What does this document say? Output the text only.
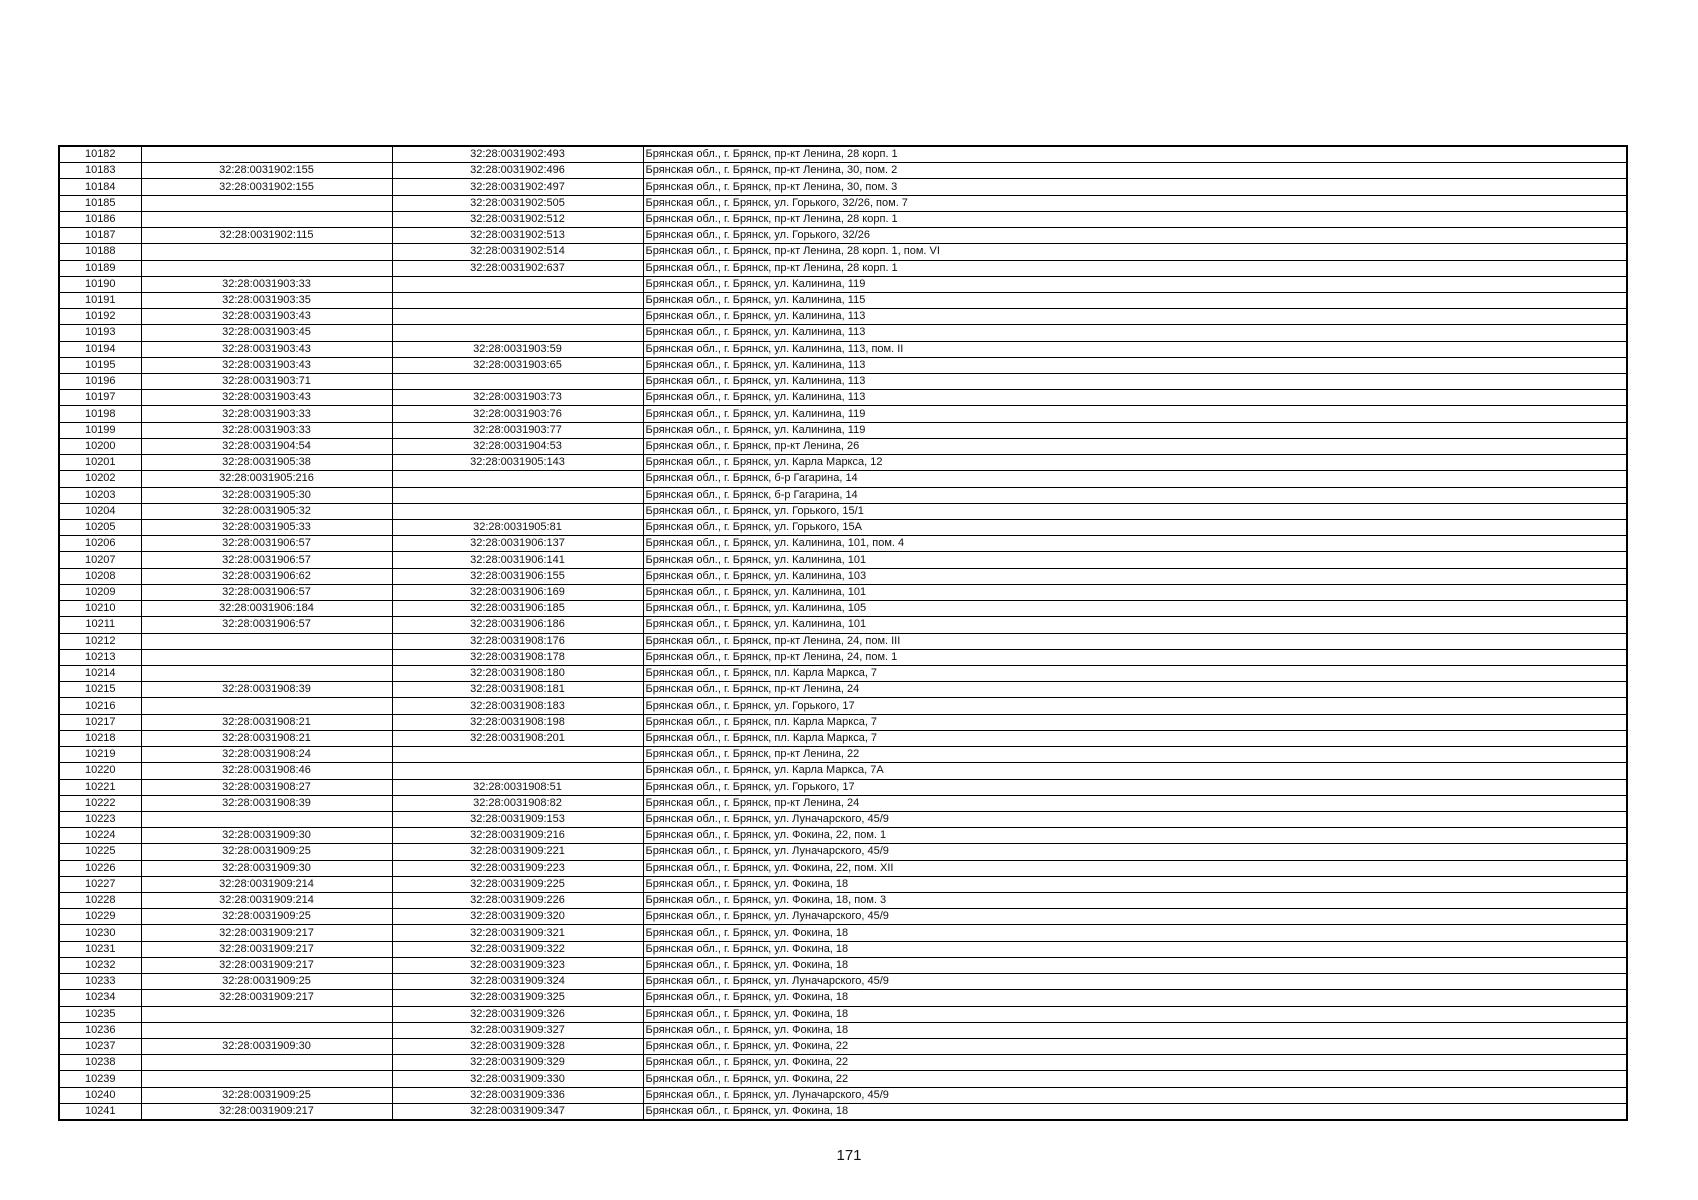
10182		32:28:0031902:493	Брянская обл., г. Брянск, пр-кт Ленина, 28 корп. 1
10183	32:28:0031902:155	32:28:0031902:496	Брянская обл., г. Брянск, пр-кт Ленина, 30, пом. 2
10184	32:28:0031902:155	32:28:0031902:497	Брянская обл., г. Брянск, пр-кт Ленина, 30, пом. 3
10185		32:28:0031902:505	Брянская обл., г. Брянск, ул. Горького, 32/26, пом. 7
10186		32:28:0031902:512	Брянская обл., г. Брянск, пр-кт Ленина, 28 корп. 1
10187	32:28:0031902:115	32:28:0031902:513	Брянская обл., г. Брянск, ул. Горького, 32/26
10188		32:28:0031902:514	Брянская обл., г. Брянск, пр-кт Ленина, 28 корп. 1, пом. VI
10189		32:28:0031902:637	Брянская обл., г. Брянск, пр-кт Ленина, 28 корп. 1
10190	32:28:0031903:33		Брянская обл., г. Брянск, ул. Калинина, 119
10191	32:28:0031903:35		Брянская обл., г. Брянск, ул. Калинина, 115
10192	32:28:0031903:43		Брянская обл., г. Брянск, ул. Калинина, 113
10193	32:28:0031903:45		Брянская обл., г. Брянск, ул. Калинина, 113
10194	32:28:0031903:43	32:28:0031903:59	Брянская обл., г. Брянск, ул. Калинина, 113, пом. II
10195	32:28:0031903:43	32:28:0031903:65	Брянская обл., г. Брянск, ул. Калинина, 113
10196	32:28:0031903:71		Брянская обл., г. Брянск, ул. Калинина, 113
10197	32:28:0031903:43	32:28:0031903:73	Брянская обл., г. Брянск, ул. Калинина, 113
10198	32:28:0031903:33	32:28:0031903:76	Брянская обл., г. Брянск, ул. Калинина, 119
10199	32:28:0031903:33	32:28:0031903:77	Брянская обл., г. Брянск, ул. Калинина, 119
10200	32:28:0031904:54	32:28:0031904:53	Брянская обл., г. Брянск, пр-кт Ленина, 26
10201	32:28:0031905:38	32:28:0031905:143	Брянская обл., г. Брянск, ул. Карла Маркса, 12
10202	32:28:0031905:216		Брянская обл., г. Брянск, б-р Гагарина, 14
10203	32:28:0031905:30		Брянская обл., г. Брянск, б-р Гагарина, 14
10204	32:28:0031905:32		Брянская обл., г. Брянск, ул. Горького, 15/1
10205	32:28:0031905:33	32:28:0031905:81	Брянская обл., г. Брянск, ул. Горького, 15А
10206	32:28:0031906:57	32:28:0031906:137	Брянская обл., г. Брянск, ул. Калинина, 101, пом. 4
10207	32:28:0031906:57	32:28:0031906:141	Брянская обл., г. Брянск, ул. Калинина, 101
10208	32:28:0031906:62	32:28:0031906:155	Брянская обл., г. Брянск, ул. Калинина, 103
10209	32:28:0031906:57	32:28:0031906:169	Брянская обл., г. Брянск, ул. Калинина, 101
10210	32:28:0031906:184	32:28:0031906:185	Брянская обл., г. Брянск, ул. Калинина, 105
10211	32:28:0031906:57	32:28:0031906:186	Брянская обл., г. Брянск, ул. Калинина, 101
10212		32:28:0031908:176	Брянская обл., г. Брянск, пр-кт Ленина, 24, пом. III
10213		32:28:0031908:178	Брянская обл., г. Брянск, пр-кт Ленина, 24, пом. 1
10214		32:28:0031908:180	Брянская обл., г. Брянск, пл. Карла Маркса, 7
10215	32:28:0031908:39	32:28:0031908:181	Брянская обл., г. Брянск, пр-кт Ленина, 24
10216		32:28:0031908:183	Брянская обл., г. Брянск, ул. Горького, 17
10217	32:28:0031908:21	32:28:0031908:198	Брянская обл., г. Брянск, пл. Карла Маркса, 7
10218	32:28:0031908:21	32:28:0031908:201	Брянская обл., г. Брянск, пл. Карла Маркса, 7
10219	32:28:0031908:24		Брянская обл., г. Брянск, пр-кт Ленина, 22
10220	32:28:0031908:46		Брянская обл., г. Брянск, ул. Карла Маркса, 7А
10221	32:28:0031908:27	32:28:0031908:51	Брянская обл., г. Брянск, ул. Горького, 17
10222	32:28:0031908:39	32:28:0031908:82	Брянская обл., г. Брянск, пр-кт Ленина, 24
10223		32:28:0031909:153	Брянская обл., г. Брянск, ул. Луначарского, 45/9
10224	32:28:0031909:30	32:28:0031909:216	Брянская обл., г. Брянск, ул. Фокина, 22, пом. 1
10225	32:28:0031909:25	32:28:0031909:221	Брянская обл., г. Брянск, ул. Луначарского, 45/9
10226	32:28:0031909:30	32:28:0031909:223	Брянская обл., г. Брянск, ул. Фокина, 22, пом. XII
10227	32:28:0031909:214	32:28:0031909:225	Брянская обл., г. Брянск, ул. Фокина, 18
10228	32:28:0031909:214	32:28:0031909:226	Брянская обл., г. Брянск, ул. Фокина, 18, пом. 3
10229	32:28:0031909:25	32:28:0031909:320	Брянская обл., г. Брянск, ул. Луначарского, 45/9
10230	32:28:0031909:217	32:28:0031909:321	Брянская обл., г. Брянск, ул. Фокина, 18
10231	32:28:0031909:217	32:28:0031909:322	Брянская обл., г. Брянск, ул. Фокина, 18
10232	32:28:0031909:217	32:28:0031909:323	Брянская обл., г. Брянск, ул. Фокина, 18
10233	32:28:0031909:25	32:28:0031909:324	Брянская обл., г. Брянск, ул. Луначарского, 45/9
10234	32:28:0031909:217	32:28:0031909:325	Брянская обл., г. Брянск, ул. Фокина, 18
10235		32:28:0031909:326	Брянская обл., г. Брянск, ул. Фокина, 18
10236		32:28:0031909:327	Брянская обл., г. Брянск, ул. Фокина, 18
10237	32:28:0031909:30	32:28:0031909:328	Брянская обл., г. Брянск, ул. Фокина, 22
10238		32:28:0031909:329	Брянская обл., г. Брянск, ул. Фокина, 22
10239		32:28:0031909:330	Брянская обл., г. Брянск, ул. Фокина, 22
10240	32:28:0031909:25	32:28:0031909:336	Брянская обл., г. Брянск, ул. Луначарского, 45/9
10241	32:28:0031909:217	32:28:0031909:347	Брянская обл., г. Брянск, ул. Фокина, 18
171
